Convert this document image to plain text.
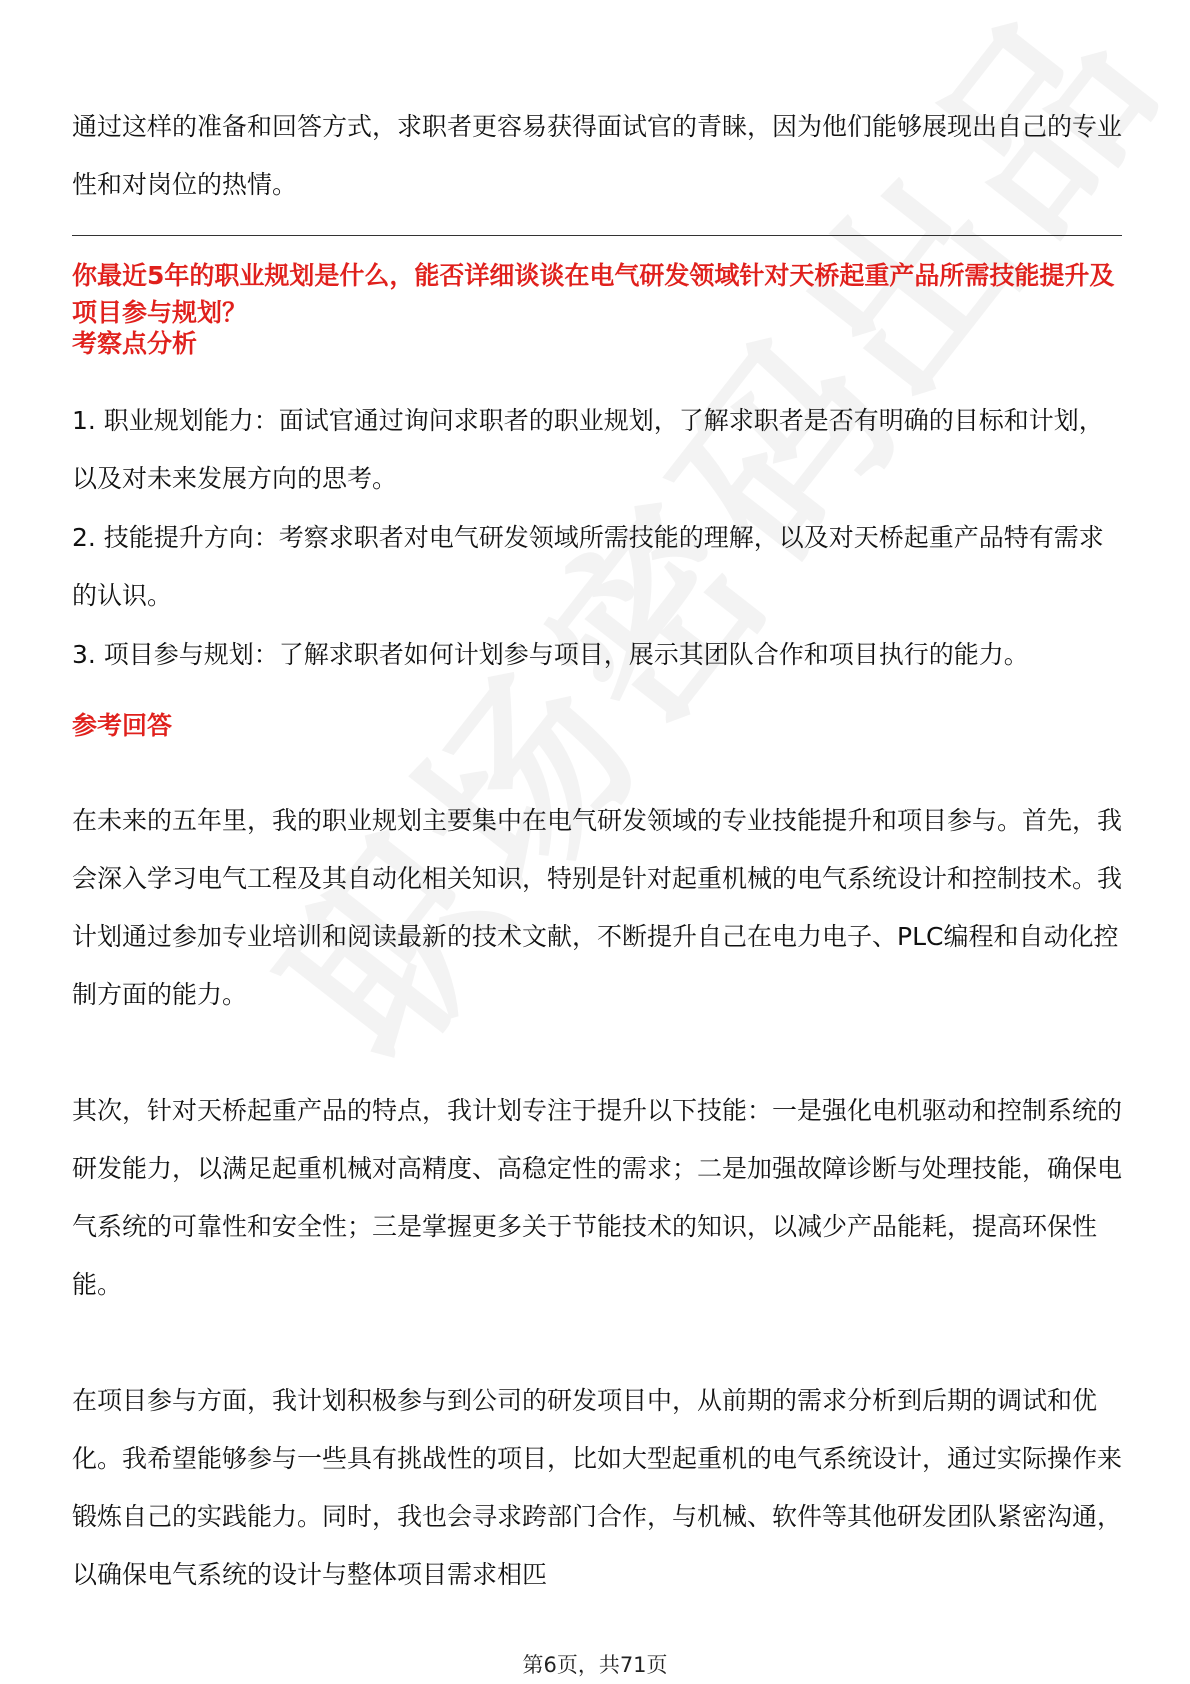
通过这样的准备和回答方式，求职者更容易获得面试官的青睐，因为他们能够展现出自己的专业性和对岗位的热情。

你最近5年的职业规划是什么，能否详细谈谈在电气研发领域针对天桥起重产品所需技能提升及项目参与规划？

考察点分析

1. 职业规划能力：面试官通过询问求职者的职业规划，了解求职者是否有明确的目标和计划，以及对未来发展方向的思考。

2. 技能提升方向：考察求职者对电气研发领域所需技能的理解，以及对天桥起重产品特有需求的认识。

3. 项目参与规划：了解求职者如何计划参与项目，展示其团队合作和项目执行的能力。

参考回答

在未来的五年里，我的职业规划主要集中在电气研发领域的专业技能提升和项目参与。首先，我会深入学习电气工程及其自动化相关知识，特别是针对起重机械的电气系统设计和控制技术。我计划通过参加专业培训和阅读最新的技术文献，不断提升自己在电力电子、PLC编程和自动化控制方面的能力。

其次，针对天桥起重产品的特点，我计划专注于提升以下技能：一是强化电机驱动和控制系统的研发能力，以满足起重机械对高精度、高稳定性的需求；二是加强故障诊断与处理技能，确保电气系统的可靠性和安全性；三是掌握更多关于节能技术的知识，以减少产品能耗，提高环保性能。

在项目参与方面，我计划积极参与到公司的研发项目中，从前期的需求分析到后期的调试和优化。我希望能够参与一些具有挑战性的项目，比如大型起重机的电气系统设计，通过实际操作来锻炼自己的实践能力。同时，我也会寻求跨部门合作，与机械、软件等其他研发团队紧密沟通，以确保电气系统的设计与整体项目需求相匹

第6页，共71页
